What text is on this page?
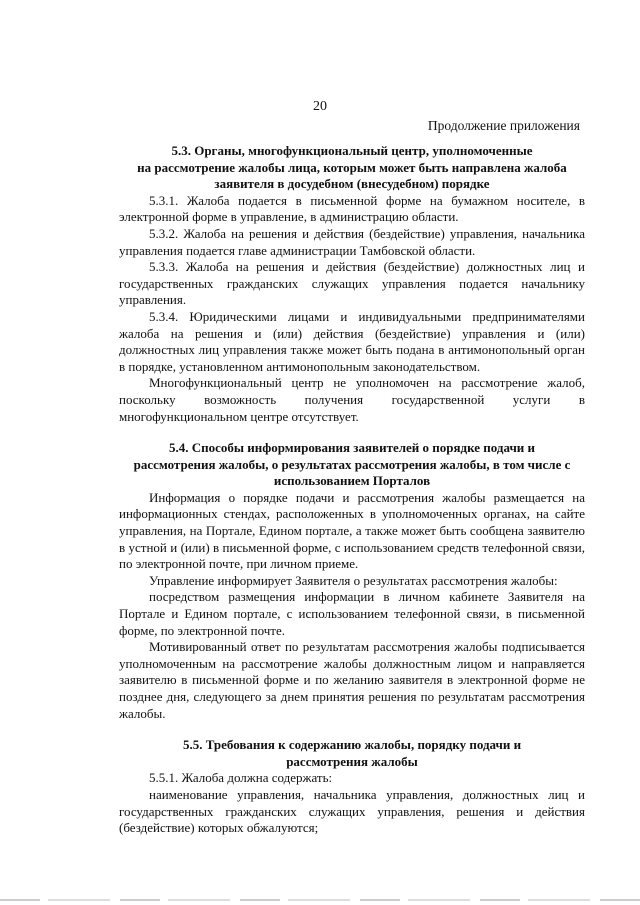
20
Продолжение приложения

5.3. Органы, многофункциональный центр, уполномоченные

на рассмотрение жалобы лица, которым может быть направлена жалоба

заявителя в досудебном (внесудебном) порядке

5.3.1. Жалоба подается в письменной форме на бумажном носителе, в электронной форме в управление, в администрацию области.

5.3.2. Жалоба на решения и действия (бездействие) управления, начальника управления подается главе администрации Тамбовской области.

5.3.3. Жалоба на решения и действия (бездействие) должностных лиц и государственных гражданских служащих управления подается начальнику управления.

5.3.4. Юридическими лицами и индивидуальными предпринимателями жалоба на решения и (или) действия (бездействие) управления и (или) должностных лиц управления также может быть подана в антимонопольный орган в порядке, установленном антимонопольным законодательством.

Многофункциональный центр не уполномочен на рассмотрение жалоб, поскольку возможность получения государственной услуги в многофункциональном центре отсутствует.

5.4. Способы информирования заявителей о порядке подачи и

рассмотрения жалобы, о результатах рассмотрения жалобы, в том числе с

использованием Порталов

Информация о порядке подачи и рассмотрения жалобы размещается на информационных стендах, расположенных в уполномоченных органах, на сайте управления, на Портале, Едином портале, а также может быть сообщена заявителю в устной и (или) в письменной форме, с использованием средств телефонной связи, по электронной почте, при личном приеме.

Управление информирует Заявителя о результатах рассмотрения жалобы:

посредством размещения информации в личном кабинете Заявителя на Портале и Едином портале, с использованием телефонной связи, в письменной форме, по электронной почте.

Мотивированный ответ по результатам рассмотрения жалобы подписывается уполномоченным на рассмотрение жалобы должностным лицом и направляется заявителю в письменной форме и по желанию заявителя в электронной форме не позднее дня, следующего за днем принятия решения по результатам рассмотрения жалобы.

5.5. Требования к содержанию жалобы, порядку подачи и

рассмотрения жалобы

5.5.1. Жалоба должна содержать:

наименование управления, начальника управления, должностных лиц и государственных гражданских служащих управления, решения и действия (бездействие) которых обжалуются;
